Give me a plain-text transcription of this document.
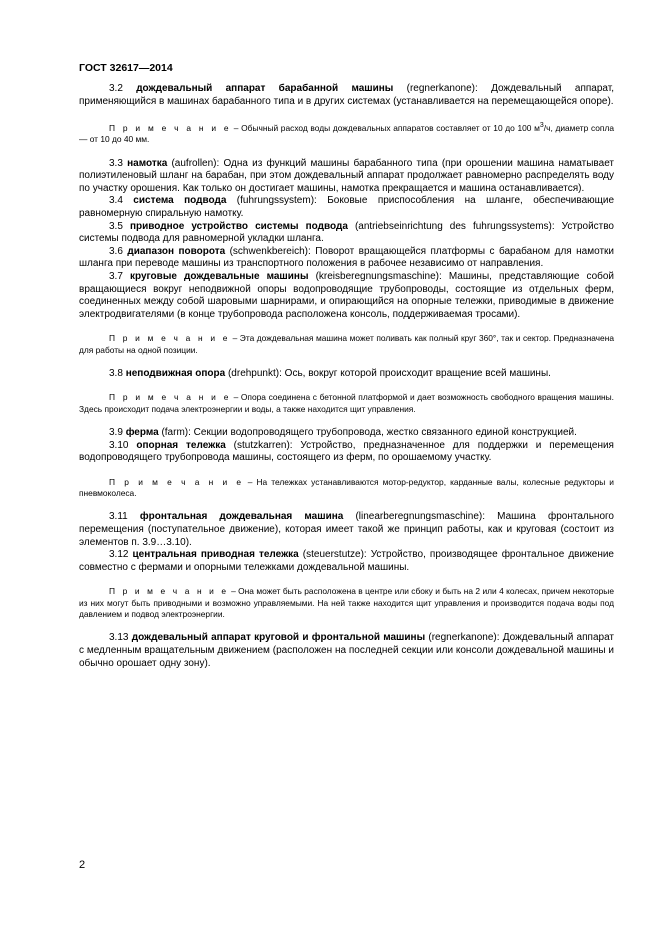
ГОСТ 32617—2014

3.2 дождевальный аппарат барабанной машины (regnerkanone): Дождевальный аппарат, применяющийся в машинах барабанного типа и в других системах (устанавливается на перемещающейся опоре).

П р и м е ч а н и е – Обычный расход воды дождевальных аппаратов составляет от 10 до 100 $м^3/ч$, диаметр сопла — от 10 до 40 мм.

3.3 намотка (aufrollen): Одна из функций машины барабанного типа (при орошении машина наматывает полиэтиленовый шланг на барабан, при этом дождевальный аппарат продолжает равномерно распределять воду по участку орошения. Как только он достигает машины, намотка прекращается и машина останавливается).

3.4 система подвода (fuhrungssystem): Боковые приспособления на шланге, обеспечивающие равномерную спиральную намотку.

3.5 приводное устройство системы подвода (antriebseinrichtung des fuhrungssystems): Устройство системы подвода для равномерной укладки шланга.

3.6 диапазон поворота (schwenkbereich): Поворот вращающейся платформы с барабаном для намотки шланга при переводе машины из транспортного положения в рабочее независимо от направления.

3.7 круговые дождевальные машины (kreisberegnungsmaschine): Машины, представляющие собой вращающиеся вокруг неподвижной опоры водопроводящие трубопроводы, состоящие из отдельных ферм, соединенных между собой шаровыми шарнирами, и опирающийся на опорные тележки, приводимые в движение электродвигателями (в конце трубопровода расположена консоль, поддерживаемая тросами).

П р и м е ч а н и е – Эта дождевальная машина может поливать как полный круг 360°, так и сектор. Предназначена для работы на одной позиции.

3.8 неподвижная опора (drehpunkt): Ось, вокруг которой происходит вращение всей машины.

П р и м е ч а н и е – Опора соединена с бетонной платформой и дает возможность свободного вращения машины. Здесь происходит подача электроэнергии и воды, а также находится щит управления.

3.9 ферма (farm): Секции водопроводящего трубопровода, жестко связанного единой конструкцией.

3.10 опорная тележка (stutzkarren): Устройство, предназначенное для поддержки и перемещения водопроводящего трубопровода машины, состоящего из ферм, по орошаемому участку.

П р и м е ч а н и е – На тележках устанавливаются мотор-редуктор, карданные валы, колесные редукторы и пневмоколеса.

3.11 фронтальная дождевальная машина (linearberegnungsmaschine): Машина фронтального перемещения (поступательное движение), которая имеет такой же принцип работы, как и круговая (состоит из элементов п. 3.9…3.10).

3.12 центральная приводная тележка (steuerstutze): Устройство, производящее фронтальное движение совместно с фермами и опорными тележками дождевальной машины.

П р и м е ч а н и е – Она может быть расположена в центре или сбоку и быть на 2 или 4 колесах, причем некоторые из них могут быть приводными и возможно управляемыми. На ней также находится щит управления и производится подача воды под давлением и подвод электроэнергии.

3.13 дождевальный аппарат круговой и фронтальной машины (regnerkanone): Дождевальный аппарат с медленным вращательным движением (расположен на последней секции или консоли дождевальной машины и обычно орошает одну зону).

2
